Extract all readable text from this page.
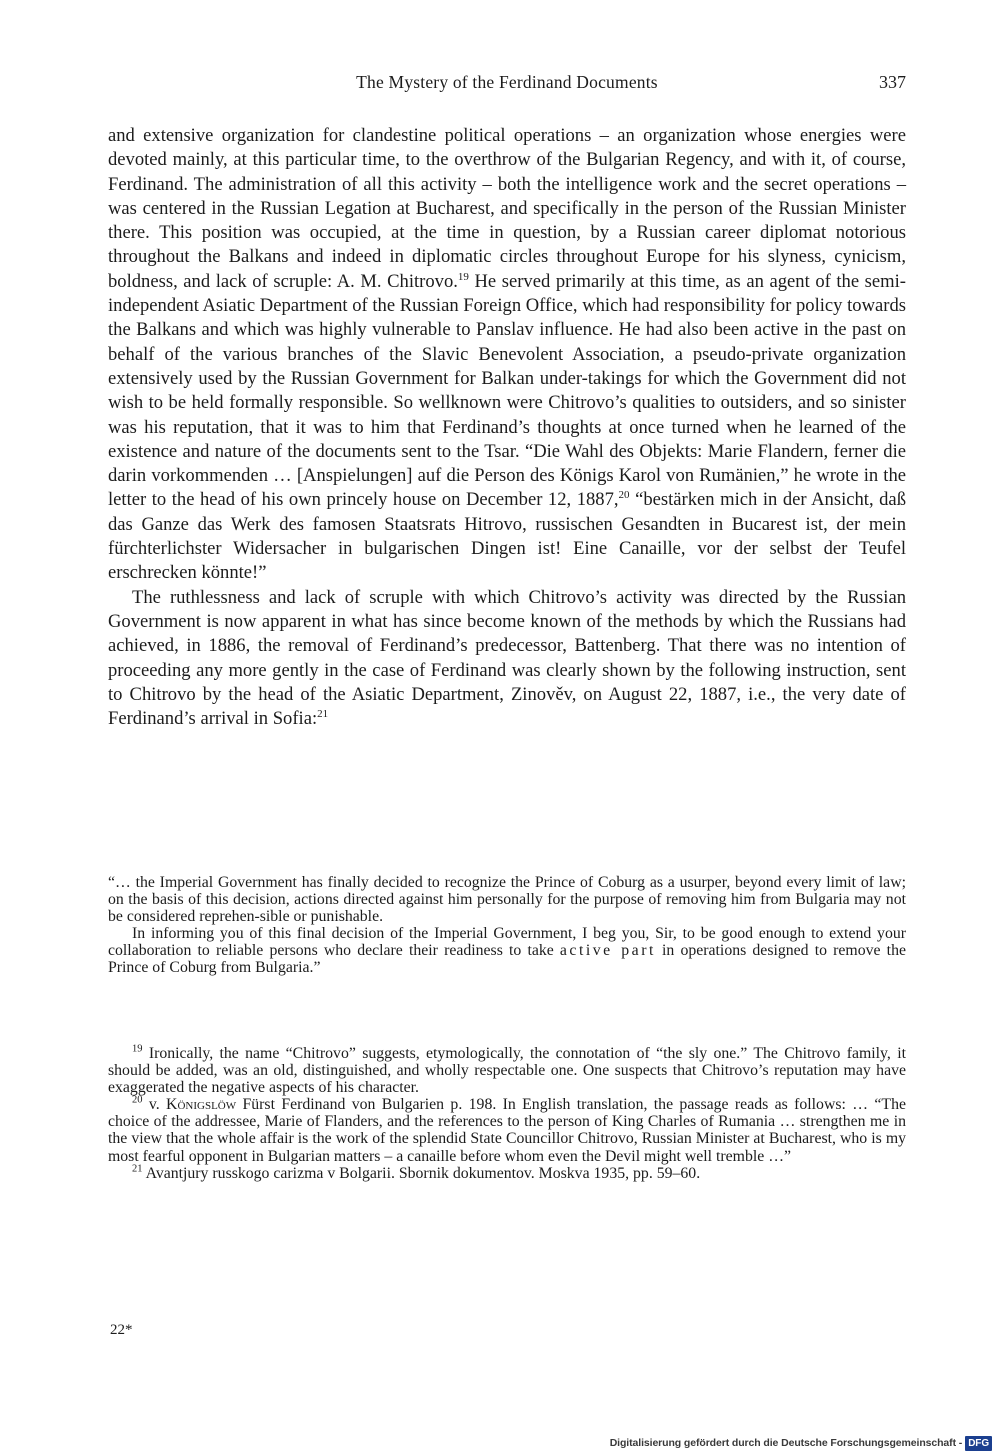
The Mystery of the Ferdinand Documents	337

and extensive organization for clandestine political operations – an organization whose energies were devoted mainly, at this particular time, to the overthrow of the Bulgarian Regency, and with it, of course, Ferdinand. The administration of all this activity – both the intelligence work and the secret operations – was centered in the Russian Legation at Bucharest, and specifically in the person of the Russian Minister there. This position was occupied, at the time in question, by a Russian career diplomat notorious throughout the Balkans and indeed in diplomatic circles throughout Europe for his slyness, cynicism, boldness, and lack of scruple: A. M. Chitrovo.$^{19}$ He served primarily at this time, as an agent of the semi-independent Asiatic Department of the Russian Foreign Office, which had responsibility for policy towards the Balkans and which was highly vulnerable to Panslav influence. He had also been active in the past on behalf of the various branches of the Slavic Benevolent Association, a pseudo-private organization extensively used by the Russian Government for Balkan under-takings for which the Government did not wish to be held formally responsible. So wellknown were Chitrovo’s qualities to outsiders, and so sinister was his reputation, that it was to him that Ferdinand’s thoughts at once turned when he learned of the existence and nature of the documents sent to the Tsar. “Die Wahl des Objekts: Marie Flandern, ferner die darin vorkommenden … [Anspielungen] auf die Person des Königs Karol von Rumänien,” he wrote in the letter to the head of his own princely house on December 12, 1887,20 “bestärken mich in der Ansicht, daß das Ganze das Werk des famosen Staatsrats Hitrovo, russischen Gesandten in Bucarest ist, der mein fürchterlichster Widersacher in bulgarischen Dingen ist! Eine Canaille, vor der selbst der Teufel erschrecken könnte!”

The ruthlessness and lack of scruple with which Chitrovo’s activity was directed by the Russian Government is now apparent in what has since become known of the methods by which the Russians had achieved, in 1886, the removal of Ferdinand’s predecessor, Battenberg. That there was no intention of proceeding any more gently in the case of Ferdinand was clearly shown by the following instruction, sent to Chitrovo by the head of the Asiatic Department, Zinověv, on August 22, 1887, i.e., the very date of Ferdinand’s arrival in Sofia:$^{21}$

“… the Imperial Government has finally decided to recognize the Prince of Coburg as a usurper, beyond every limit of law; on the basis of this decision, actions directed against him personally for the purpose of removing him from Bulgaria may not be considered reprehen-sible or punishable.

In informing you of this final decision of the Imperial Government, I beg you, Sir, to be good enough to extend your collaboration to reliable persons who declare their readiness to take active part in operations designed to remove the Prince of Coburg from Bulgaria.”

$^{19}$ Ironically, the name “Chitrovo” suggests, etymologically, the connotation of “the sly one.” The Chitrovo family, it should be added, was an old, distinguished, and wholly respectable one. One suspects that Chitrovo’s reputation may have exaggerated the negative aspects of his character.

$^{20}$ v. Königslöw Fürst Ferdinand von Bulgarien p. 198. In English translation, the passage reads as follows: … “The choice of the addressee, Marie of Flanders, and the references to the person of King Charles of Rumania … strengthen me in the view that the whole affair is the work of the splendid State Councillor Chitrovo, Russian Minister at Bucharest, who is my most fearful opponent in Bulgarian matters – a canaille before whom even the Devil might well tremble …”

$^{21}$ Avantjury russkogo carizma v Bolgarii. Sbornik dokumentov. Moskva 1935, pp. 59–60.

22*
Digitalisierung gefördert durch die Deutsche Forschungsgemeinschaft - DFG
